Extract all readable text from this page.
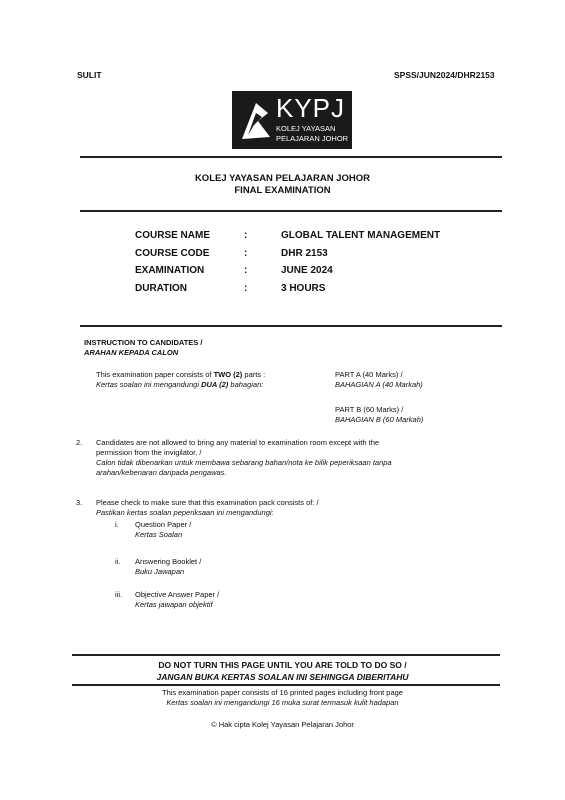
SULIT	SPSS/JUN2024/DHR2153
KYPJ
KOLEJ YAYASAN
PELAJARAN JOHOR
KOLEJ YAYASAN PELAJARAN JOHOR
FINAL EXAMINATION
COURSE NAME	:	GLOBAL TALENT MANAGEMENT
COURSE CODE	:	DHR 2153
EXAMINATION	:	JUNE 2024
DURATION	:	3 HOURS
INSTRUCTION TO CANDIDATES /
ARAHAN KEPADA CALON
This examination paper consists of TWO (2) parts :
Kertas soalan ini mengandungi DUA (2) bahagian:
PART A (40 Marks) /
BAHAGIAN A (40 Markah)
PART B (60 Marks) /
BAHAGIAN B (60 Markah)
2. Candidates are not allowed to bring any material to examination room except with the
permission from the invigilator. /
Calon tidak dibenarkan untuk membawa sebarang bahan/nota ke bilik peperiksaan tanpa
arahan/kebenaran daripada pengawas.
3. Please check to make sure that this examination pack consists of: /
Pastikan kertas soalan peperiksaan ini mengandungi:
i. Question Paper /
Kertas Soalan
ii. Answering Booklet /
Buku Jawapan
iii. Objective Answer Paper /
Kertas jawapan objektif
DO NOT TURN THIS PAGE UNTIL YOU ARE TOLD TO DO SO /
JANGAN BUKA KERTAS SOALAN INI SEHINGGA DIBERITAHU
This examination paper consists of 16 printed pages including front page
Kertas soalan ini mengandungi 16 muka surat termasuk kulit hadapan
© Hak cipta Kolej Yayasan Pelajaran Johor
